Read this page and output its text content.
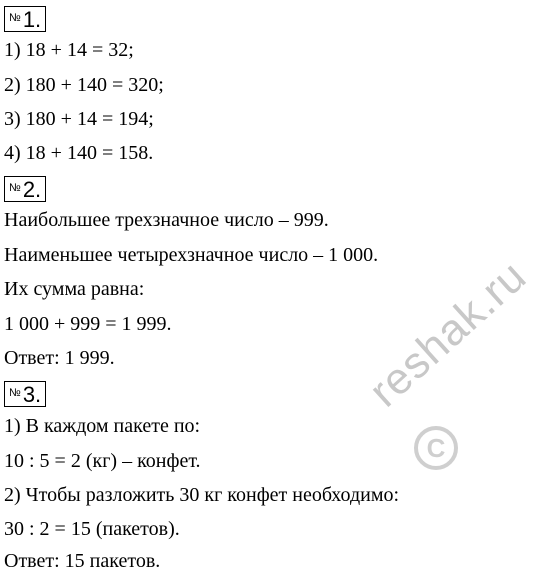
№ 1.
1) 18 + 14 = 32;
2) 180 + 140 = 320;
3) 180 + 14 = 194;
4) 18 + 140 = 158.
№ 2.
Наибольшее трехзначное число – 999.
Наименьшее четырехзначное число – 1 000.
Их сумма равна:
1 000 + 999 = 1 999.
Ответ: 1 999.
№ 3.
1) В каждом пакете по:
10 : 5 = 2 (кг) – конфет.
2) Чтобы разложить 30 кг конфет необходимо:
30 : 2 = 15 (пакетов).
Ответ: 15 пакетов.
reshak.ru
C
